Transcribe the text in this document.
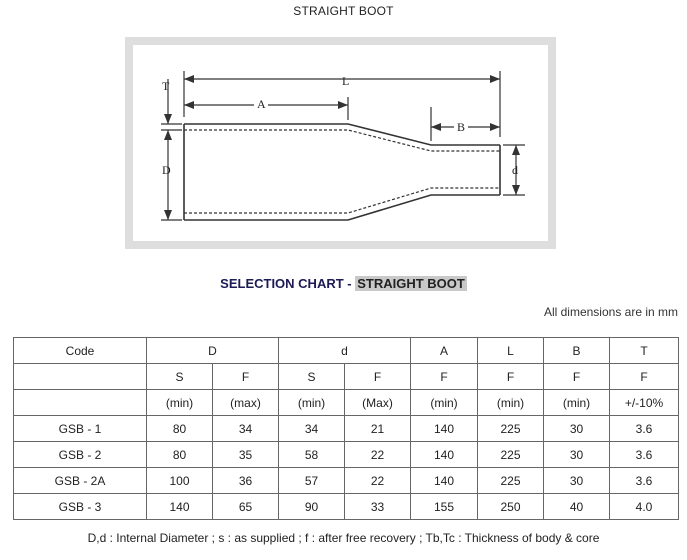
STRAIGHT BOOT
T	L
A
D
B
d
SELECTION CHART - STRAIGHT BOOT
All dimensions are in mm
Code	D		d		A	L	B	T
	S	F	S	F	F	F	F	F
	(min)	(max)	(min)	(Max)	(min)	(min)	(min)	+/-10%
GSB - 1	80	34	34	21	140	225	30	3.6
GSB - 2	80	35	58	22	140	225	30	3.6
GSB - 2A	100	36	57	22	140	225	30	3.6
GSB - 3	140	65	90	33	155	250	40	4.0
D,d : Internal Diameter ; s : as supplied ; f : after free recovery ; Tb,Tc : Thickness of body & core
